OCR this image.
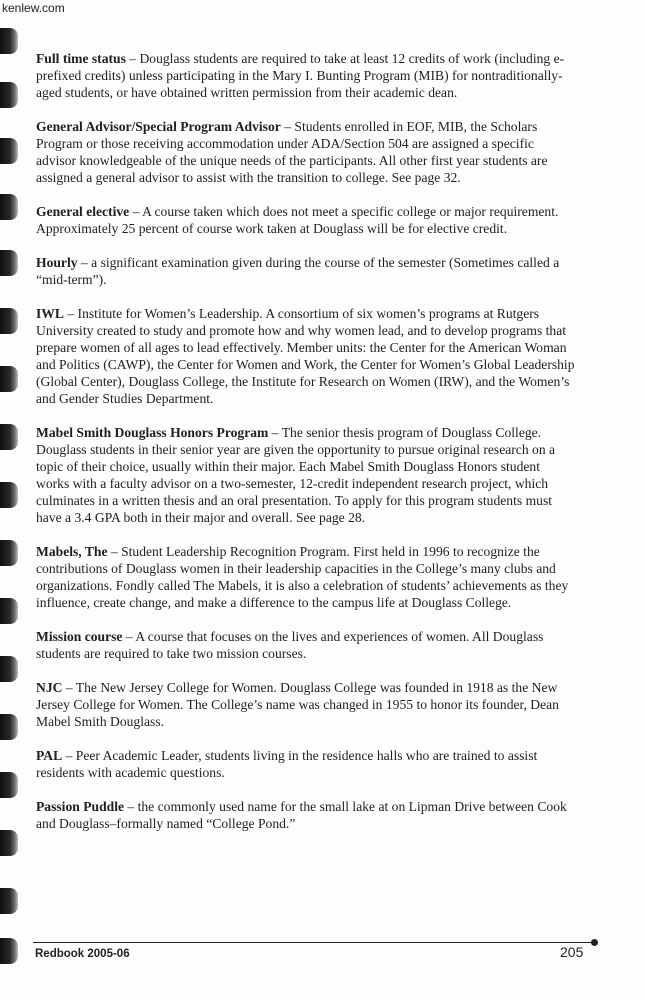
kenlew.com

Full time status – Douglass students are required to take at least 12 credits of work (including e-prefixed credits) unless participating in the Mary I. Bunting Program (MIB) for nontraditionally-aged students, or have obtained written permission from their academic dean.

General Advisor/Special Program Advisor – Students enrolled in EOF, MIB, the Scholars Program or those receiving accommodation under ADA/Section 504 are assigned a specific advisor knowledgeable of the unique needs of the participants. All other first year students are assigned a general advisor to assist with the transition to college. See page 32.

General elective – A course taken which does not meet a specific college or major requirement. Approximately 25 percent of course work taken at Douglass will be for elective credit.

Hourly – a significant examination given during the course of the semester (Sometimes called a “mid-term”).

IWL – Institute for Women’s Leadership. A consortium of six women’s programs at Rutgers University created to study and promote how and why women lead, and to develop programs that prepare women of all ages to lead effectively. Member units: the Center for the American Woman and Politics (CAWP), the Center for Women and Work, the Center for Women’s Global Leadership (Global Center), Douglass College, the Institute for Research on Women (IRW), and the Women’s and Gender Studies Department.

Mabel Smith Douglass Honors Program – The senior thesis program of Douglass College. Douglass students in their senior year are given the opportunity to pursue original research on a topic of their choice, usually within their major. Each Mabel Smith Douglass Honors student works with a faculty advisor on a two-semester, 12-credit independent research project, which culminates in a written thesis and an oral presentation. To apply for this program students must have a 3.4 GPA both in their major and overall. See page 28.

Mabels, The – Student Leadership Recognition Program. First held in 1996 to recognize the contributions of Douglass women in their leadership capacities in the College’s many clubs and organizations. Fondly called The Mabels, it is also a celebration of students’ achievements as they influence, create change, and make a difference to the campus life at Douglass College.

Mission course – A course that focuses on the lives and experiences of women. All Douglass students are required to take two mission courses.

NJC – The New Jersey College for Women. Douglass College was founded in 1918 as the New Jersey College for Women. The College’s name was changed in 1955 to honor its founder, Dean Mabel Smith Douglass.

PAL – Peer Academic Leader, students living in the residence halls who are trained to assist residents with academic questions.

Passion Puddle – the commonly used name for the small lake at on Lipman Drive between Cook and Douglass–formally named “College Pond.”

Redbook 2005-06	205
